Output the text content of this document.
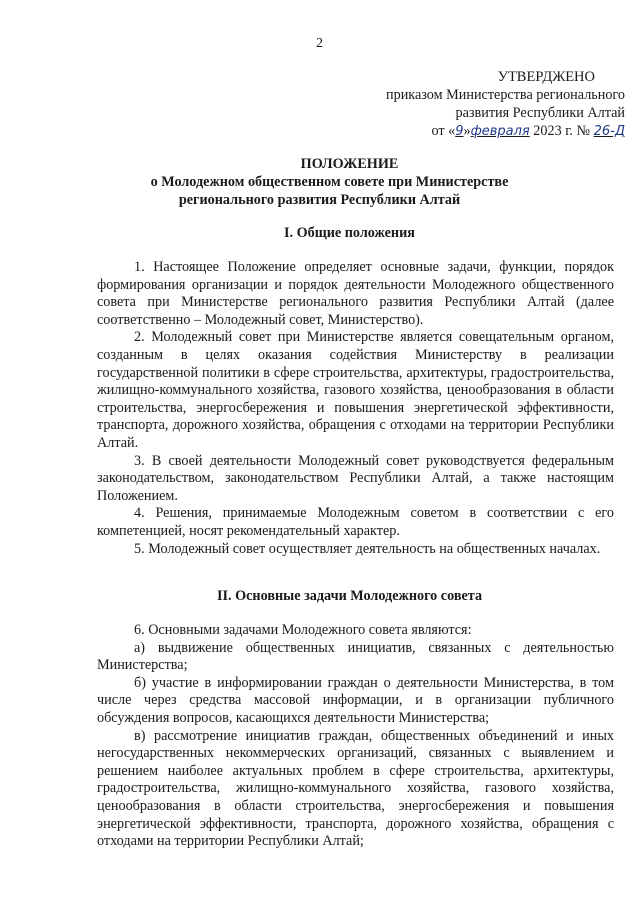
2
УТВЕРДЖЕНО
приказом Министерства регионального
развития Республики Алтай
от «9»февраля 2023 г. № 26-Д
ПОЛОЖЕНИЕ
о Молодежном общественном совете при Министерстве
регионального развития Республики Алтай
I. Общие положения

1. Настоящее Положение определяет основные задачи, функции, порядок формирования организации и порядок деятельности Молодежного общественного совета при Министерстве регионального развития Республики Алтай (далее соответственно – Молодежный совет, Министерство).

2. Молодежный совет при Министерстве является совещательным органом, созданным в целях оказания содействия Министерству в реализации государственной политики в сфере строительства, архитектуры, градостроительства, жилищно-коммунального хозяйства, газового хозяйства, ценообразования в области строительства, энергосбережения и повышения энергетической эффективности, транспорта, дорожного хозяйства, обращения с отходами на территории Республики Алтай.

3. В своей деятельности Молодежный совет руководствуется федеральным законодательством, законодательством Республики Алтай, а также настоящим Положением.

4. Решения, принимаемые Молодежным советом в соответствии с его компетенцией, носят рекомендательный характер.

5. Молодежный совет осуществляет деятельность на общественных началах.

II. Основные задачи Молодежного совета

6. Основными задачами Молодежного совета являются:

а) выдвижение общественных инициатив, связанных с деятельностью Министерства;

б) участие в информировании граждан о деятельности Министерства, в том числе через средства массовой информации, и в организации публичного обсуждения вопросов, касающихся деятельности Министерства;

в) рассмотрение инициатив граждан, общественных объединений и иных негосударственных некоммерческих организаций, связанных с выявлением и решением наиболее актуальных проблем в сфере строительства, архитектуры, градостроительства, жилищно-коммунального хозяйства, газового хозяйства, ценообразования в области строительства, энергосбережения и повышения энергетической эффективности, транспорта, дорожного хозяйства, обращения с отходами на территории Республики Алтай;
